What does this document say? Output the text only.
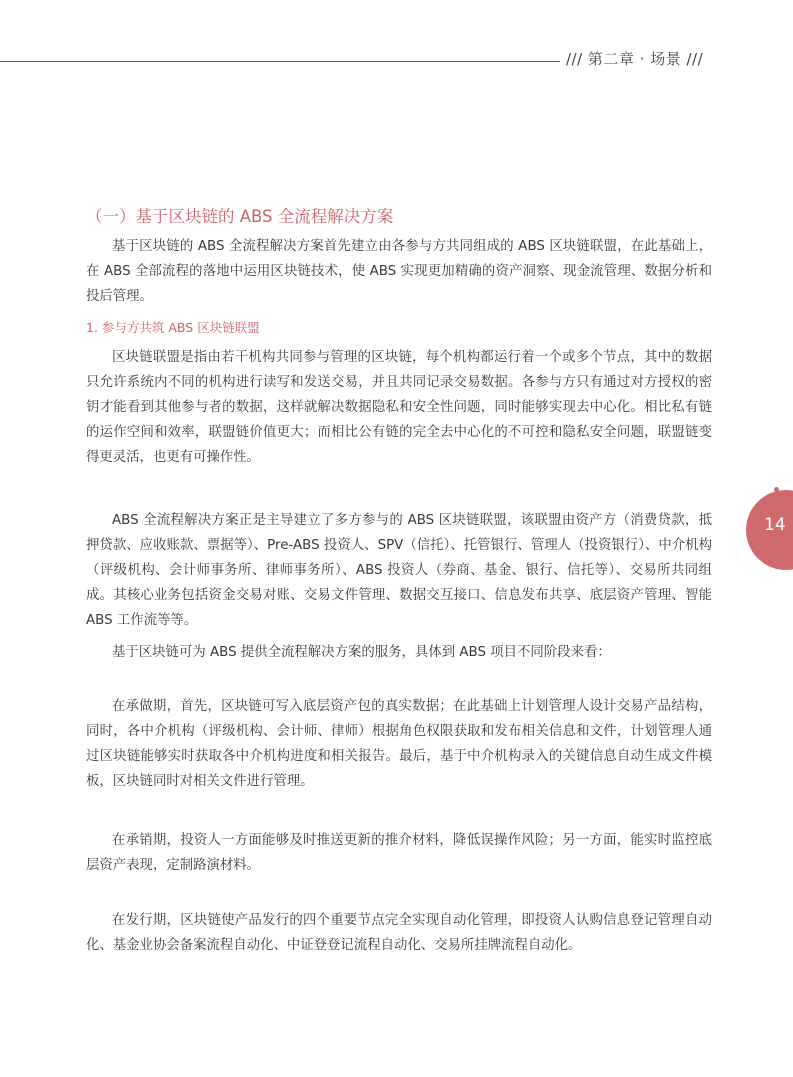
/// 第二章 · 场景 ///
（一）基于区块链的 ABS 全流程解决方案

基于区块链的 ABS 全流程解决方案首先建立由各参与方共同组成的 ABS 区块链联盟，在此基础上，在 ABS 全部流程的落地中运用区块链技术，使 ABS 实现更加精确的资产洞察、现金流管理、数据分析和投后管理。

1. 参与方共筑 ABS 区块链联盟

区块链联盟是指由若干机构共同参与管理的区块链，每个机构都运行着一个或多个节点，其中的数据只允许系统内不同的机构进行读写和发送交易，并且共同记录交易数据。各参与方只有通过对方授权的密钥才能看到其他参与者的数据，这样就解决数据隐私和安全性问题，同时能够实现去中心化。相比私有链的运作空间和效率，联盟链价值更大；而相比公有链的完全去中心化的不可控和隐私安全问题，联盟链变得更灵活，也更有可操作性。

ABS 全流程解决方案正是主导建立了多方参与的 ABS 区块链联盟，该联盟由资产方（消费贷款，抵押贷款、应收账款、票据等）、Pre-ABS 投资人、SPV（信托）、托管银行、管理人（投资银行）、中介机构（评级机构、会计师事务所、律师事务所）、ABS 投资人（券商、基金、银行、信托等）、交易所共同组成。其核心业务包括资金交易对账、交易文件管理、数据交互接口、信息发布共享、底层资产管理、智能 ABS 工作流等等。

基于区块链可为 ABS 提供全流程解决方案的服务，具体到 ABS 项目不同阶段来看：

在承做期，首先，区块链可写入底层资产包的真实数据；在此基础上计划管理人设计交易产品结构，同时，各中介机构（评级机构、会计师、律师）根据角色权限获取和发布相关信息和文件，计划管理人通过区块链能够实时获取各中介机构进度和相关报告。最后，基于中介机构录入的关键信息自动生成文件模板，区块链同时对相关文件进行管理。

在承销期，投资人一方面能够及时推送更新的推介材料，降低误操作风险；另一方面，能实时监控底层资产表现，定制路演材料。

在发行期，区块链使产品发行的四个重要节点完全实现自动化管理，即投资人认购信息登记管理自动化、基金业协会备案流程自动化、中证登登记流程自动化、交易所挂牌流程自动化。

14
